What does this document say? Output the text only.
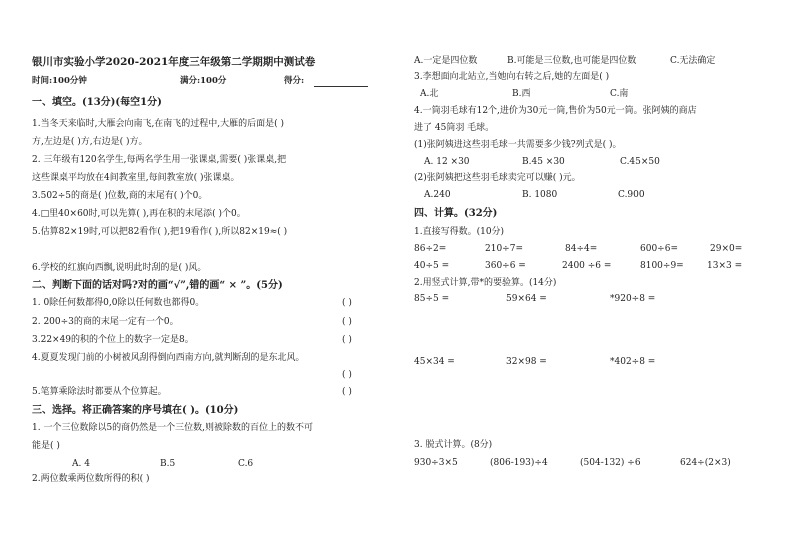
银川市实验小学2020-2021年度三年级第二学期期中测试卷
时间:100分钟	满分:100分	得分:
一、填空。(13分)(每空1分)
1.当冬天来临时,大雁会向南飞,在南飞的过程中,大雁的后面是( )
方,左边是( )方,右边是( )方。
2. 三年级有120名学生,每两名学生用一张课桌,需要( )张课桌,把
这些课桌平均放在4间教室里,每间教室放( )张课桌。
3.502÷5的商是( )位数,商的末尾有( )个0。
4.□里40×60时,可以先算( ),再在积的末尾添( )个0。
5.估算82×19时,可以把82看作( ),把19看作( ),所以82×19≈( )
6.学校的红旗向西飘,说明此时刮的是( )风。
二、判断下面的话对吗?对的画“√”,错的画“ × ”。(5分)
1. 0除任何数都得0,0除以任何数也都得0。	( )
2. 200÷3的商的末尾一定有一个0。	( )
3.22×49的积的个位上的数字一定是8。	( )
4.夏夏发现门前的小树被风刮得倒向西南方向,就判断刮的是东北风。
( )
5.笔算乘除法时都要从个位算起。	( )
三、选择。将正确答案的序号填在( )。(10分)
1. 一个三位数除以5的商仍然是一个三位数,则被除数的百位上的数不可
能是( )
A. 4	B.5	C.6
2.两位数乘两位数所得的积( )
A.一定是四位数	B.可能是三位数,也可能是四位数	C.无法确定
3.李想面向北站立,当她向右转之后,她的左面是( )
A.北	B.西	C.南
4.一筒羽毛球有12个,进价为30元一筒,售价为50元一筒。张阿姨的商店
进了 45筒羽 毛球。
(1)张阿姨进这些羽毛球一共需要多少钱?列式是( )。
A. 12 ×30	B.45 ×30	C.45×50
(2)张阿姨把这些羽毛球卖完可以赚( )元。
A.240	B. 1080	C.900
四、计算。(32分)
1.直接写得数。(10分)
86÷2=	210÷7=	84÷4=	600÷6=	29×0=
40÷5 =	360÷6 =	2400 ÷6 =	8100÷9=	13×3 =
2.用竖式计算,带*的要验算。(14分)
85÷5 =	59×64 =	*920÷8 =
45×34 =	32×98 =	*402÷8 =
3. 脱式计算。(8分)
930÷3×5	(806-193)÷4	(504-132) ÷6	624÷(2×3)
